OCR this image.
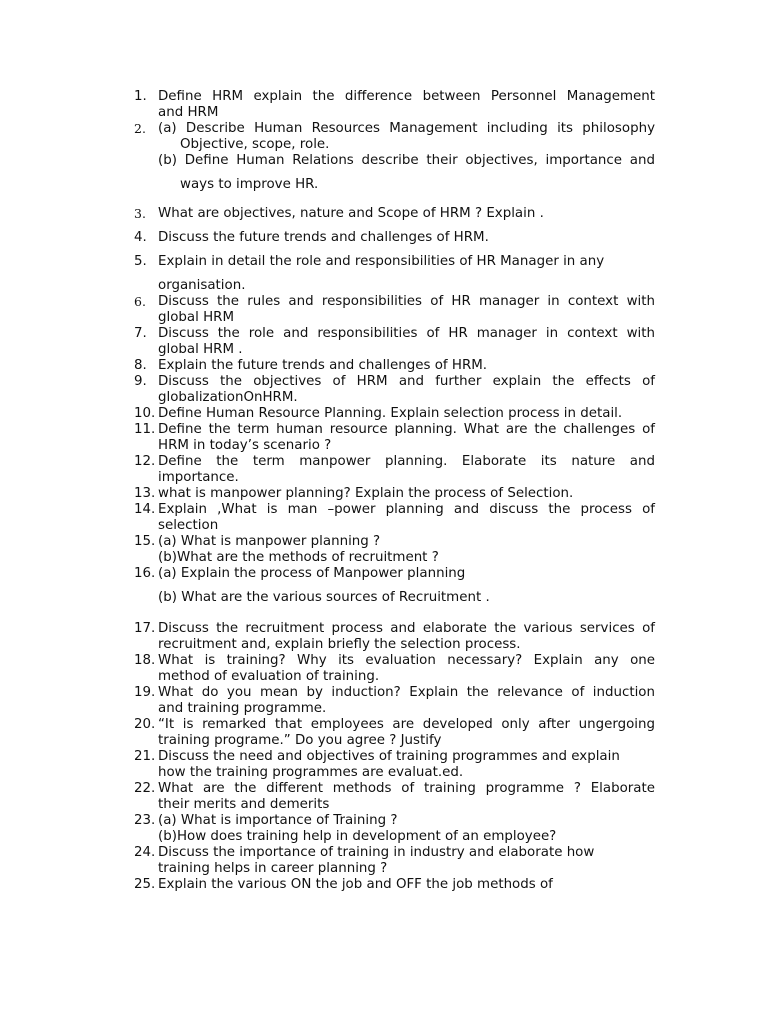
1. Define HRM explain the difference between Personnel Management
and HRM
2. (a) Describe Human Resources Management including its philosophy
Objective, scope, role.
(b) Define Human Relations describe their objectives, importance and
ways to improve HR.
3. What are objectives, nature and Scope of HRM ? Explain .
4. Discuss the future trends and challenges of HRM.
5. Explain in detail the role and responsibilities of HR Manager in any
organisation.
6. Discuss the rules and responsibilities of HR manager in context with
global HRM
7. Discuss the role and responsibilities of HR manager in context with
global HRM .
8. Explain the future trends and challenges of HRM.
9. Discuss the objectives of HRM and further explain the effects of
globalizationOnHRM.
10. Define Human Resource Planning. Explain selection process in detail.
11. Define the term human resource planning. What are the challenges of
HRM in today’s scenario ?
12. Define the term manpower planning. Elaborate its nature and
importance.
13. what is manpower planning? Explain the process of Selection.
14. Explain ,What is man –power planning and discuss the process of
selection
15. (a) What is manpower planning ?
(b)What are the methods of recruitment ?
16. (a) Explain the process of Manpower planning
(b) What are the various sources of Recruitment .
17. Discuss the recruitment process and elaborate the various services of
recruitment and, explain briefly the selection process.
18. What is training? Why its evaluation necessary? Explain any one
method of evaluation of training.
19. What do you mean by induction? Explain the relevance of induction
and training programme.
20. “It is remarked that employees are developed only after ungergoing
training programe.” Do you agree ? Justify
21. Discuss the need and objectives of training programmes and explain
how the training programmes are evaluat.ed.
22. What are the different methods of training programme ? Elaborate
their merits and demerits
23. (a) What is importance of Training ?
(b)How does training help in development of an employee?
24. Discuss the importance of training in industry and elaborate how
training helps in career planning ?
25. Explain the various ON the job and OFF the job methods of
